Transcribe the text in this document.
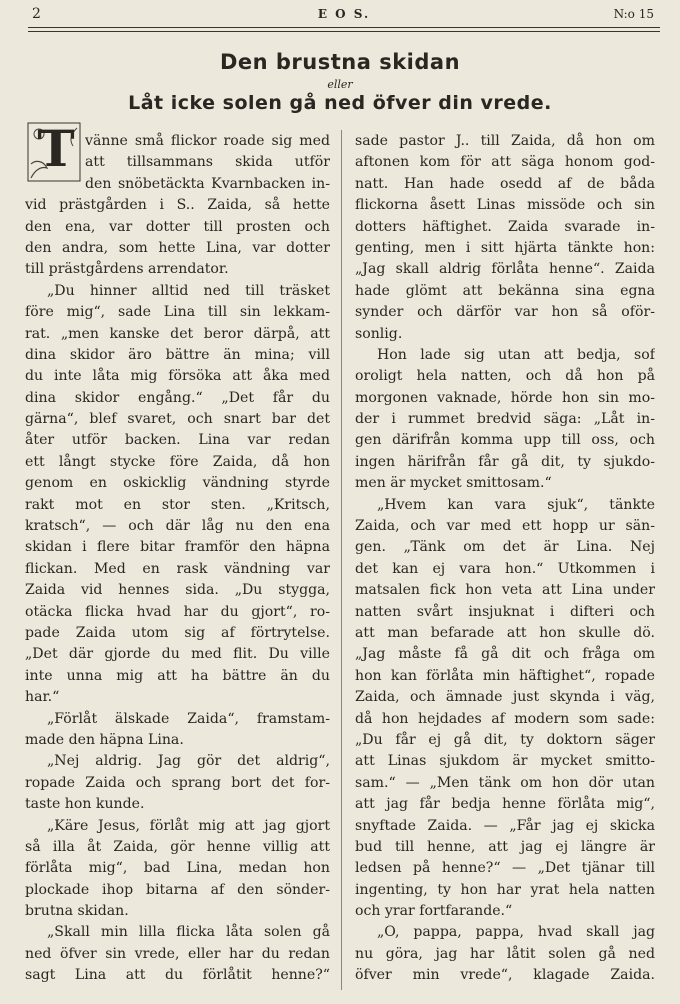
2	E O S.	N:o 15
Den brustna skidan
eller
Låt icke solen gå ned öfver din vrede.
T vänne små flickor roade sig med
att tillsammans skida utför
den snöbetäckta Kvarnbacken in-
vid prästgården i S.. Zaida, så hette
den ena, var dotter till prosten och
den andra, som hette Lina, var dotter
till prästgårdens arrendator.
„Du hinner alltid ned till träsket
före mig“, sade Lina till sin lekkam-
rat. „men kanske det beror därpå, att
dina skidor äro bättre än mina; vill
du inte låta mig försöka att åka med
dina skidor engång.“ „Det får du
gärna“, blef svaret, och snart bar det
åter utför backen. Lina var redan
ett långt stycke före Zaida, då hon
genom en oskicklig vändning styrde
rakt mot en stor sten. „Kritsch,
kratsch“, — och där låg nu den ena
skidan i flere bitar framför den häpna
flickan. Med en rask vändning var
Zaida vid hennes sida. „Du stygga,
otäcka flicka hvad har du gjort“, ro-
pade Zaida utom sig af förtrytelse.
„Det där gjorde du med flit. Du ville
inte unna mig att ha bättre än du
har.“
„Förlåt älskade Zaida“, framstam-
made den häpna Lina.
„Nej aldrig. Jag gör det aldrig“,
ropade Zaida och sprang bort det for-
taste hon kunde.
„Käre Jesus, förlåt mig att jag gjort
så illa åt Zaida, gör henne villig att
förlåta mig“, bad Lina, medan hon
plockade ihop bitarna af den sönder-
brutna skidan.
„Skall min lilla flicka låta solen gå
ned öfver sin vrede, eller har du redan
sagt Lina att du förlåtit henne?“
sade pastor J.. till Zaida, då hon om
aftonen kom för att säga honom god-
natt. Han hade osedd af de båda
flickorna åsett Linas missöde och sin
dotters häftighet. Zaida svarade in-
genting, men i sitt hjärta tänkte hon:
„Jag skall aldrig förlåta henne“. Zaida
hade glömt att bekänna sina egna
synder och därför var hon så oför-
sonlig.
Hon lade sig utan att bedja, sof
oroligt hela natten, och då hon på
morgonen vaknade, hörde hon sin mo-
der i rummet bredvid säga: „Låt in-
gen därifrån komma upp till oss, och
ingen härifrån får gå dit, ty sjukdo-
men är mycket smittosam.“
„Hvem kan vara sjuk“, tänkte
Zaida, och var med ett hopp ur sän-
gen. „Tänk om det är Lina. Nej
det kan ej vara hon.“ Utkommen i
matsalen fick hon veta att Lina under
natten svårt insjuknat i difteri och
att man befarade att hon skulle dö.
„Jag måste få gå dit och fråga om
hon kan förlåta min häftighet“, ropade
Zaida, och ämnade just skynda i väg,
då hon hejdades af modern som sade:
„Du får ej gå dit, ty doktorn säger
att Linas sjukdom är mycket smitto-
sam.“ — „Men tänk om hon dör utan
att jag får bedja henne förlåta mig“,
snyftade Zaida. — „Får jag ej skicka
bud till henne, att jag ej längre är
ledsen på henne?“ — „Det tjänar till
ingenting, ty hon har yrat hela natten
och yrar fortfarande.“
„O, pappa, pappa, hvad skall jag
nu göra, jag har låtit solen gå ned
öfver min vrede“, klagade Zaida.
